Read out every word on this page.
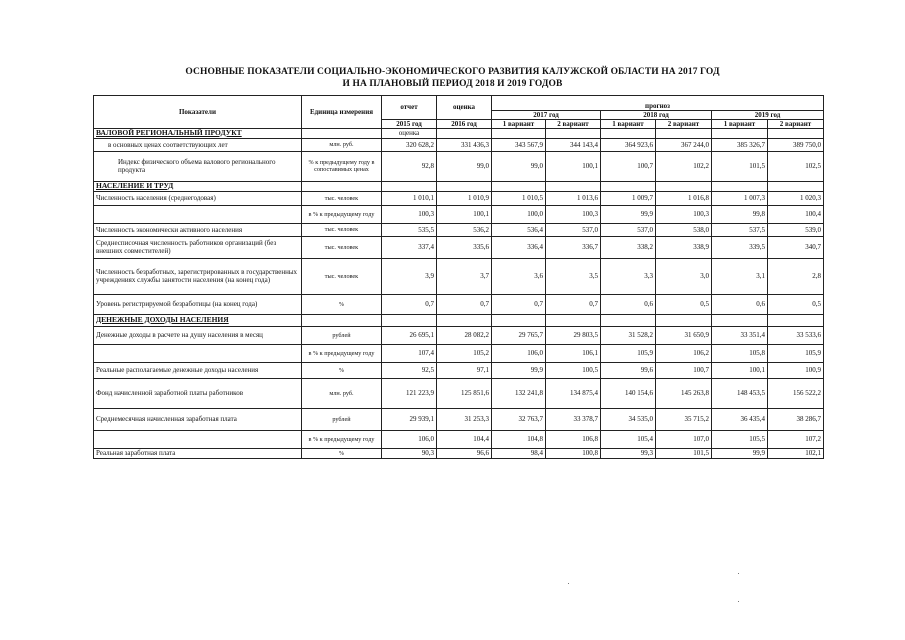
ОСНОВНЫЕ ПОКАЗАТЕЛИ СОЦИАЛЬНО-ЭКОНОМИЧЕСКОГО РАЗВИТИЯ КАЛУЖСКОЙ ОБЛАСТИ НА 2017 ГОД
И НА ПЛАНОВЫЙ ПЕРИОД 2018 И 2019 ГОДОВ
Показатели	Единица измерения	отчет	оценка						
				прогноз					
				2017 год		2018 год		2019 год	
		2015 год	2016 год	1 вариант	2 вариант	1 вариант	2 вариант	1 вариант	2 вариант
ВАЛОВОЙ РЕГИОНАЛЬНЫЙ ПРОДУКТ		оценка							
в основных ценах соответствующих лет	млн. руб.	320 628,2	331 436,3	343 567,9	344 143,4	364 923,6	367 244,0	385 326,7	389 750,0
Индекс физического объема валового регионального продукта	% к предыдущему году в сопоставимых ценах	92,8	99,0	99,0	100,1	100,7	102,2	101,5	102,5
НАСЕЛЕНИЕ И ТРУД									
Численность населения (среднегодовая)	тыс. человек	1 010,1	1 010,9	1 010,5	1 013,6	1 009,7	1 016,8	1 007,3	1 020,3
	в % к предыдущему году	100,3	100,1	100,0	100,3	99,9	100,3	99,8	100,4
Численность экономически активного населения	тыс. человек	535,5	536,2	536,4	537,0	537,0	538,0	537,5	539,0
Среднесписочная численность работников организаций (без внешних совместителей)	тыс. человек	337,4	335,6	336,4	336,7	338,2	338,9	339,5	340,7
Численность безработных, зарегистрированных в государственных учреждениях службы занятости населения (на конец года)	тыс. человек	3,9	3,7	3,6	3,5	3,3	3,0	3,1	2,8
Уровень регистрируемой безработицы (на конец года)	%	0,7	0,7	0,7	0,7	0,6	0,5	0,6	0,5
ДЕНЕЖНЫЕ ДОХОДЫ НАСЕЛЕНИЯ									
Денежные доходы в расчете на душу населения в месяц	рублей	26 695,1	28 082,2	29 765,7	29 803,5	31 528,2	31 650,9	33 351,4	33 533,6
	в % к предыдущему году	107,4	105,2	106,0	106,1	105,9	106,2	105,8	105,9
Реальные располагаемые денежные доходы населения	%	92,5	97,1	99,9	100,5	99,6	100,7	100,1	100,9
Фонд начисленной заработной платы работников	млн. руб.	121 223,9	125 851,6	132 241,8	134 875,4	140 154,6	145 263,8	148 453,5	156 522,2
Среднемесячная начисленная заработная плата	рублей	29 939,1	31 253,3	32 763,7	33 378,7	34 535,0	35 715,2	36 435,4	38 286,7
	в % к предыдущему году	106,0	104,4	104,8	106,8	105,4	107,0	105,5	107,2
Реальная заработная плата	%	90,3	96,6	98,4	100,8	99,3	101,5	99,9	102,1
